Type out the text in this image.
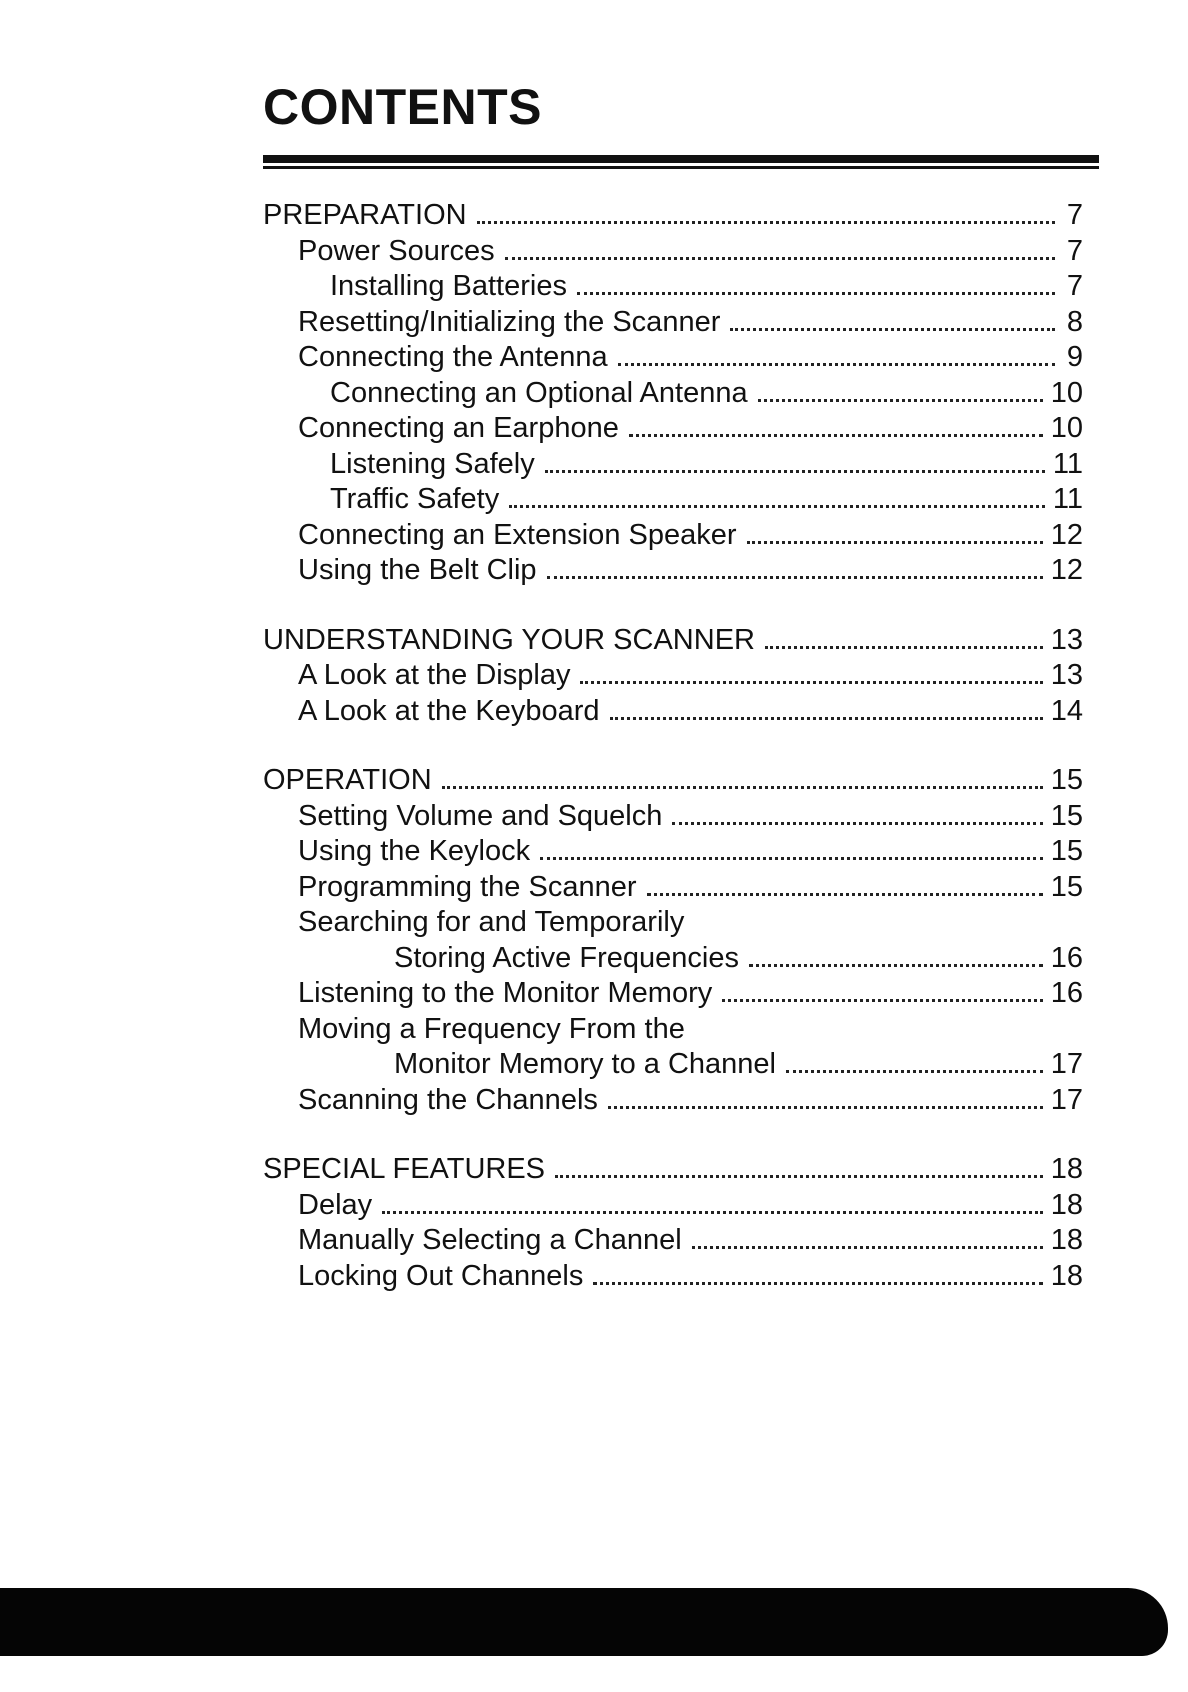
CONTENTS
PREPARATION	7
Power Sources	7
Installing Batteries	7
Resetting/Initializing the Scanner	8
Connecting the Antenna	9
Connecting an Optional Antenna	10
Connecting an Earphone	10
Listening Safely	11
Traffic Safety	11
Connecting an Extension Speaker	12
Using the Belt Clip	12
UNDERSTANDING YOUR SCANNER	13
A Look at the Display	13
A Look at the Keyboard	14
OPERATION	15
Setting Volume and Squelch	15
Using the Keylock	15
Programming the Scanner	15
Searching for and Temporarily
Storing Active Frequencies	16
Listening to the Monitor Memory	16
Moving a Frequency From the
Monitor Memory to a Channel	17
Scanning the Channels	17
SPECIAL FEATURES	18
Delay	18
Manually Selecting a Channel	18
Locking Out Channels	18
